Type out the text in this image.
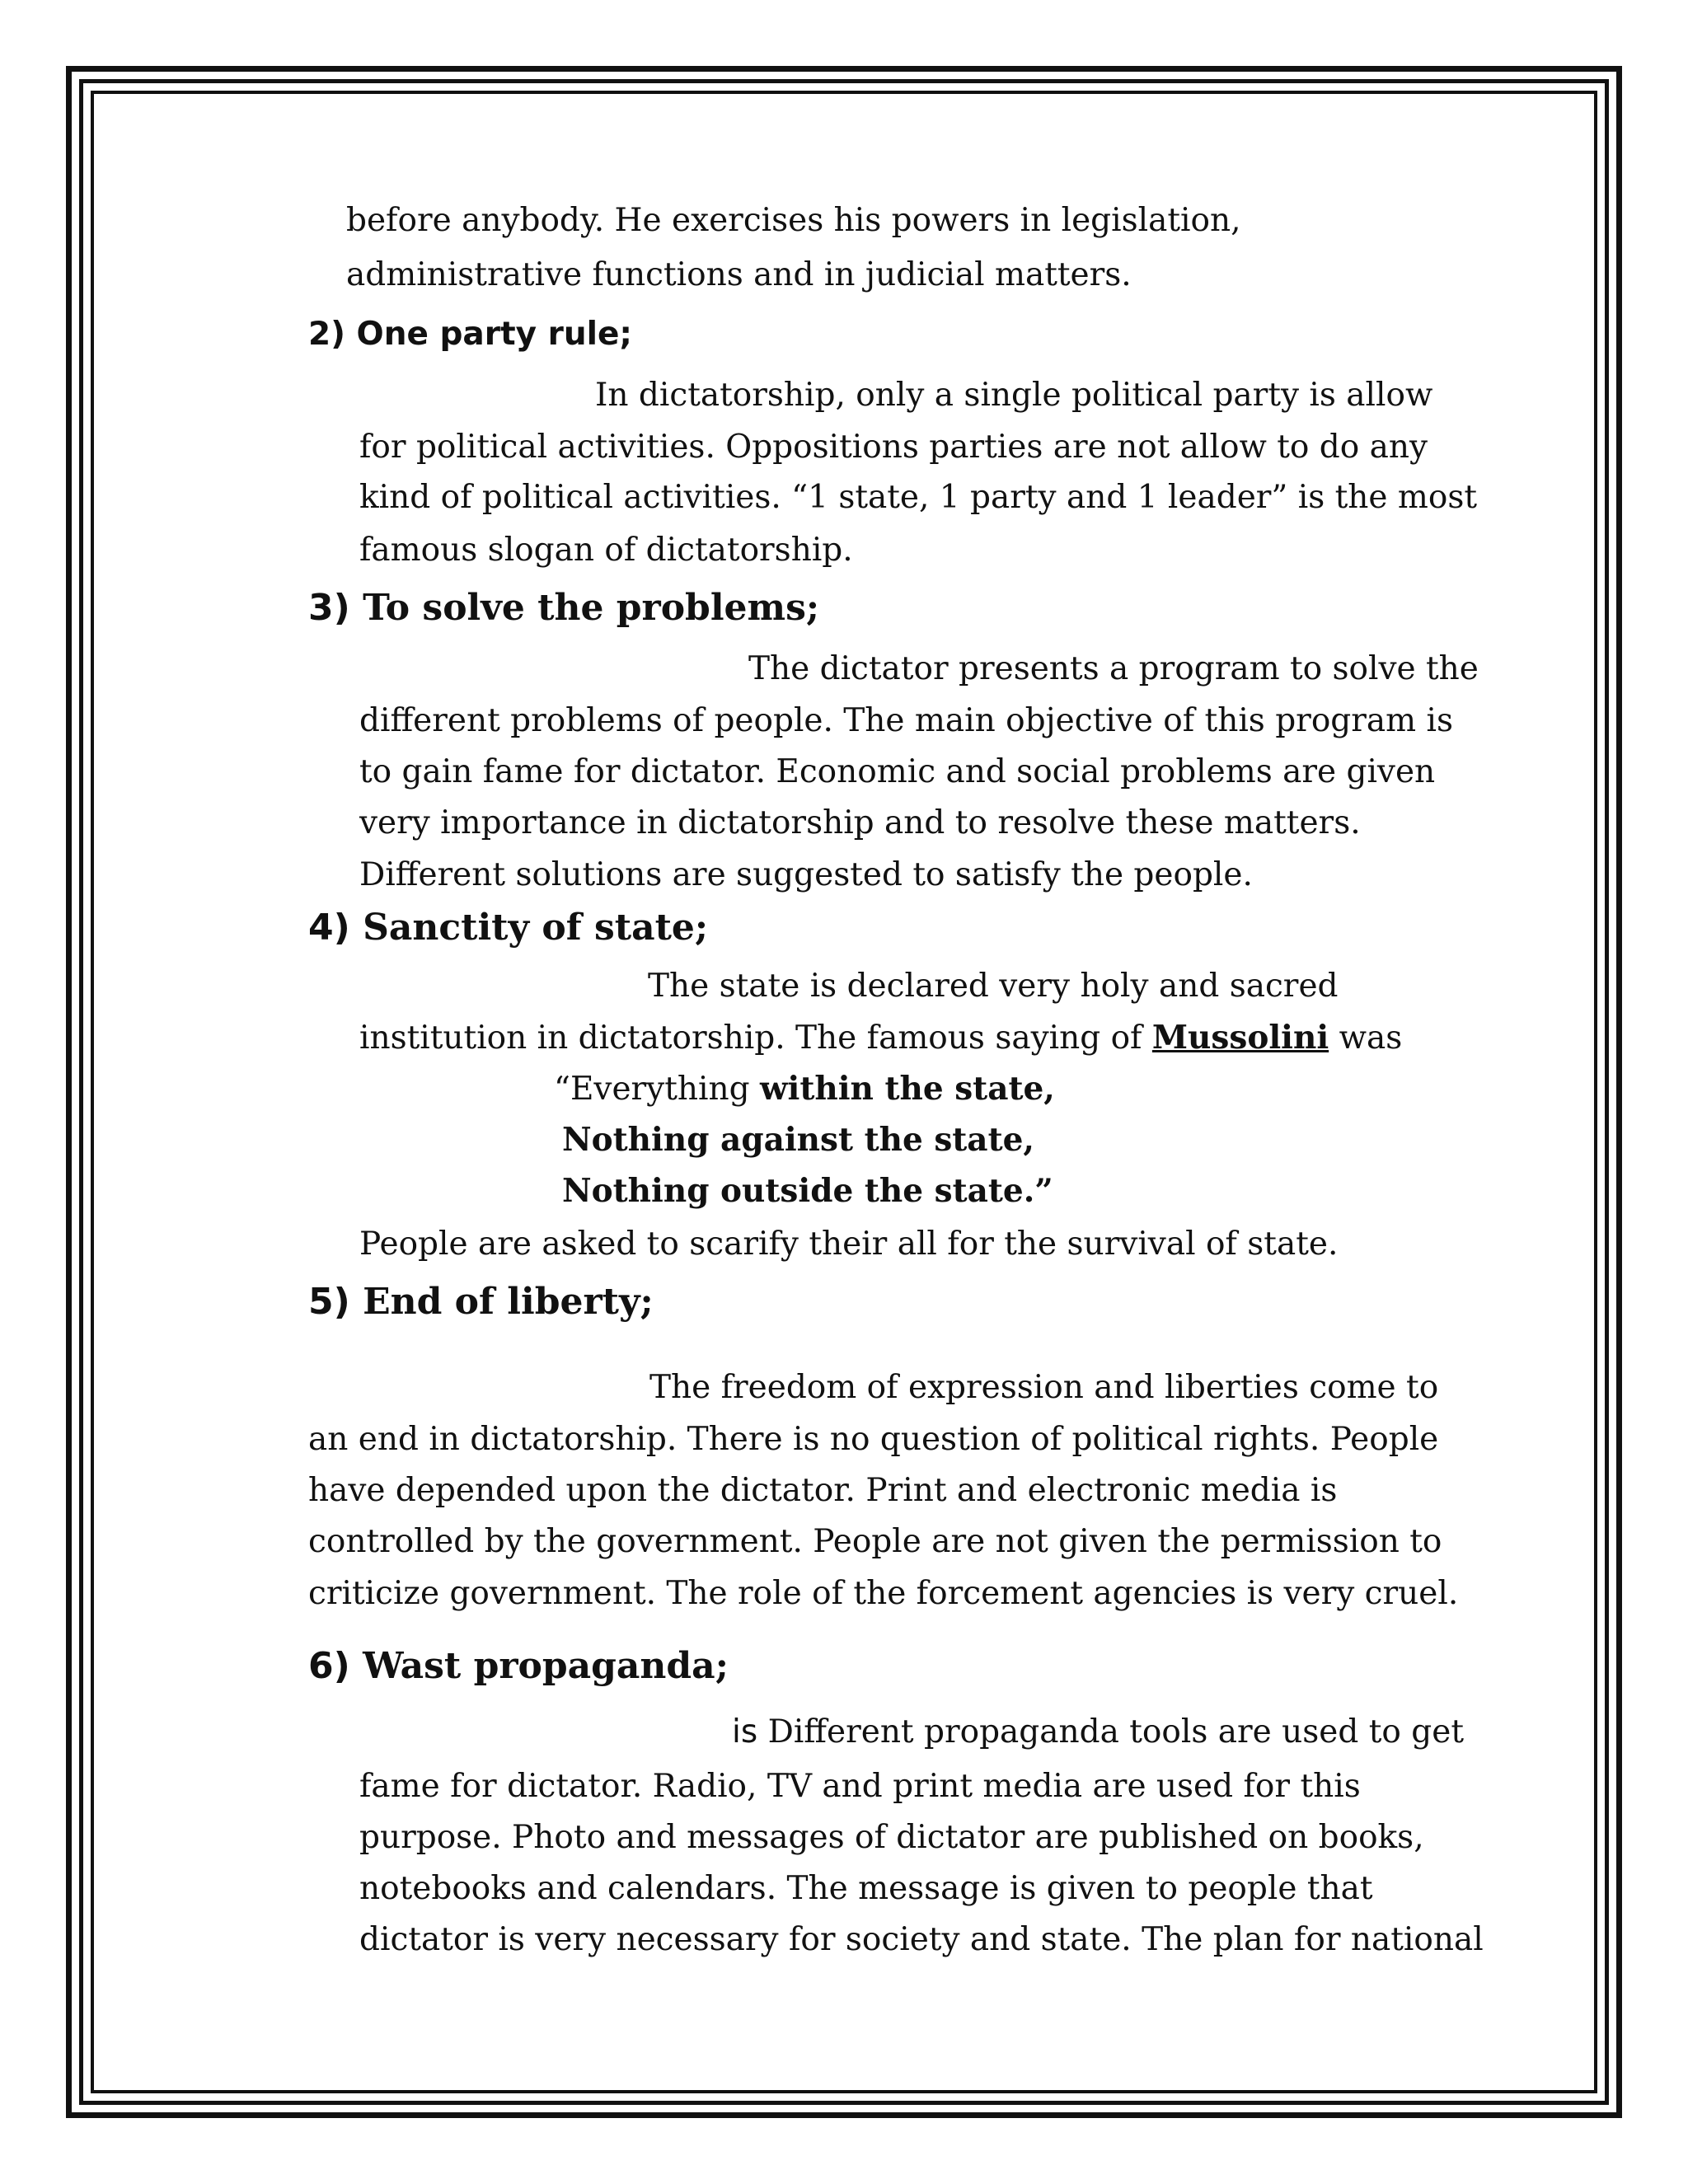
before anybody. He exercises his powers in legislation,
administrative functions and in judicial matters.
2) One party rule;
In dictatorship, only a single political party is allow
for political activities. Oppositions parties are not allow to do any
kind of political activities. “1 state, 1 party and 1 leader” is the most
famous slogan of dictatorship.
3) To solve the problems;
The dictator presents a program to solve the
different problems of people. The main objective of this program is
to gain fame for dictator. Economic and social problems are given
very importance in dictatorship and to resolve these matters.
Different solutions are suggested to satisfy the people.
4) Sanctity of state;
The state is declared very holy and sacred
institution in dictatorship. The famous saying of Mussolini was
“Everything within the state,
Nothing against the state,
Nothing outside the state.”
People are asked to scarify their all for the survival of state.
5) End of liberty;
The freedom of expression and liberties come to
an end in dictatorship. There is no question of political rights. People
have depended upon the dictator. Print and electronic media is
controlled by the government. People are not given the permission to
criticize government. The role of the forcement agencies is very cruel.
6) Wast propaganda;
is Different propaganda tools are used to get
fame for dictator. Radio, TV and print media are used for this
purpose. Photo and messages of dictator are published on books,
notebooks and calendars. The message is given to people that
dictator is very necessary for society and state. The plan for national
